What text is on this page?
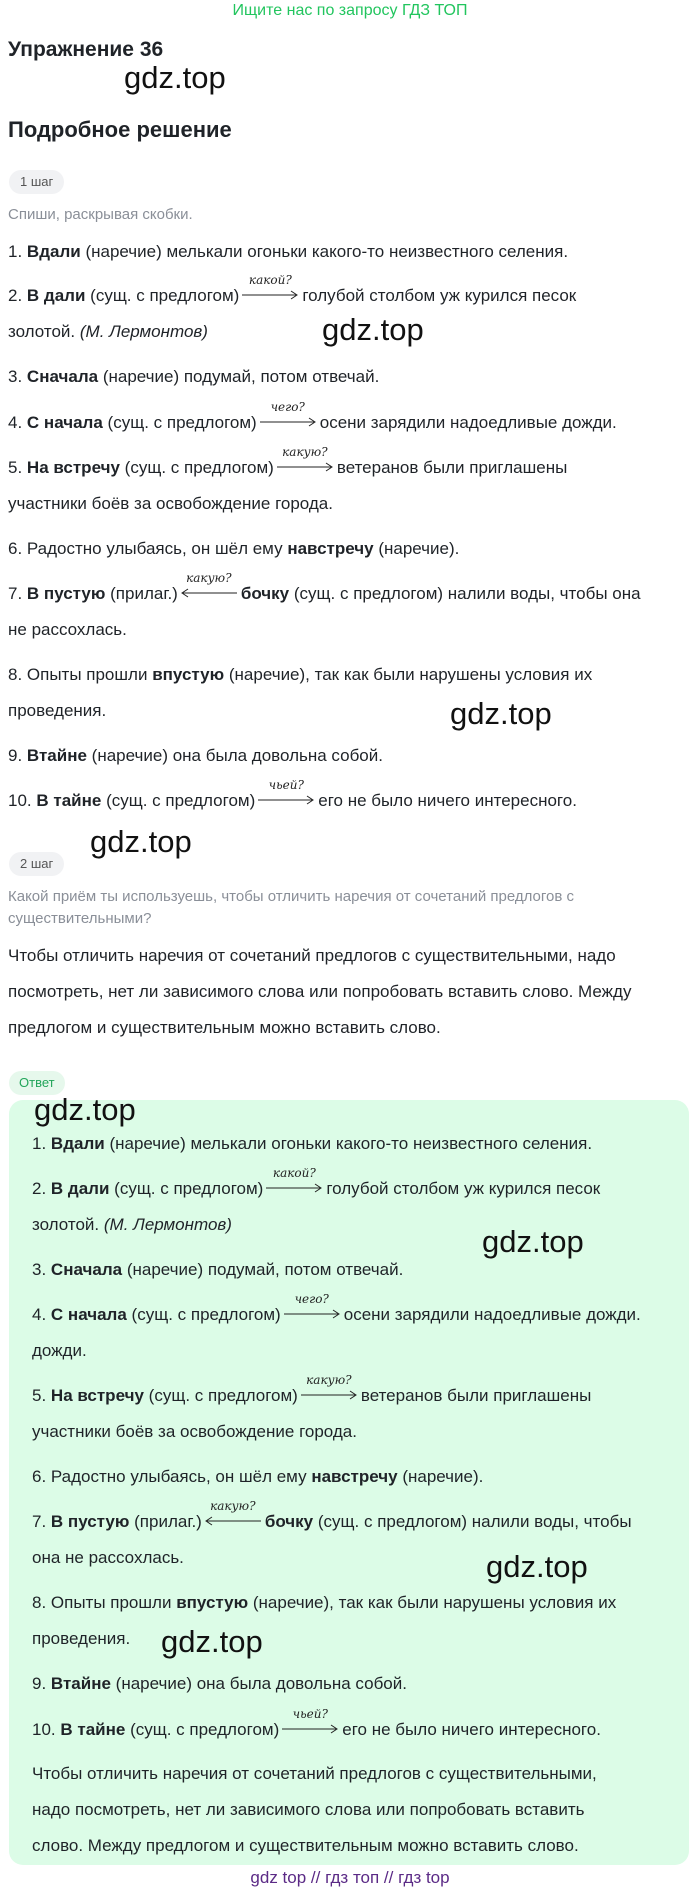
Ищите нас по запросу ГДЗ ТОП
Упражнение 36
gdz.top
Подробное решение
1 шаг
Спиши, раскрывая скобки.
1. Вдали (наречие) мелькали огоньки какого-то неизвестного селения.
2. В дали (сущ. с предлогом)
какой?
голубой столбом уж курился песок
золотой. (М. Лермонтов)	gdz.top
3. Сначала (наречие) подумай, потом отвечай.
4. С начала (сущ. с предлогом)
чего?
осени зарядили надоедливые дожди.
5. На встречу (сущ. с предлогом)
какую?
ветеранов были приглашены
участники боёв за освобождение города.
6. Радостно улыбаясь, он шёл ему навстречу (наречие).
7. В пустую (прилаг.)
какую?
бочку (сущ. с предлогом) налили воды, чтобы она
не рассохлась.
8. Опыты прошли впустую (наречие), так как были нарушены условия их
проведения.	gdz.top
9. Втайне (наречие) она была довольна собой.
10. В тайне (сущ. с предлогом)
чьей?
его не было ничего интересного.
gdz.top
2 шаг
Какой приём ты используешь, чтобы отличить наречия от сочетаний предлогов с существительными?
Чтобы отличить наречия от сочетаний предлогов с существительными, надо
посмотреть, нет ли зависимого слова или попробовать вставить слово. Между
предлогом и существительным можно вставить слово.
Ответ
gdz.top
1. Вдали (наречие) мелькали огоньки какого-то неизвестного селения.
2. В дали (сущ. с предлогом)
какой?
голубой столбом уж курился песок
золотой. (М. Лермонтов)	gdz.top
3. Сначала (наречие) подумай, потом отвечай.
4. С начала (сущ. с предлогом)
чего?
осени зарядили надоедливые дожди.
дожди.
5. На встречу (сущ. с предлогом)
какую?
ветеранов были приглашены
участники боёв за освобождение города.
6. Радостно улыбаясь, он шёл ему навстречу (наречие).
7. В пустую (прилаг.)
какую?
бочку (сущ. с предлогом) налили воды, чтобы
она не рассохлась.	gdz.top
8. Опыты прошли впустую (наречие), так как были нарушены условия их
проведения. gdz.top
9. Втайне (наречие) она была довольна собой.
10. В тайне (сущ. с предлогом)
чьей?
его не было ничего интересного.
Чтобы отличить наречия от сочетаний предлогов с существительными,
надо посмотреть, нет ли зависимого слова или попробовать вставить
слово. Между предлогом и существительным можно вставить слово.
gdz top // гдз топ // гдз top
